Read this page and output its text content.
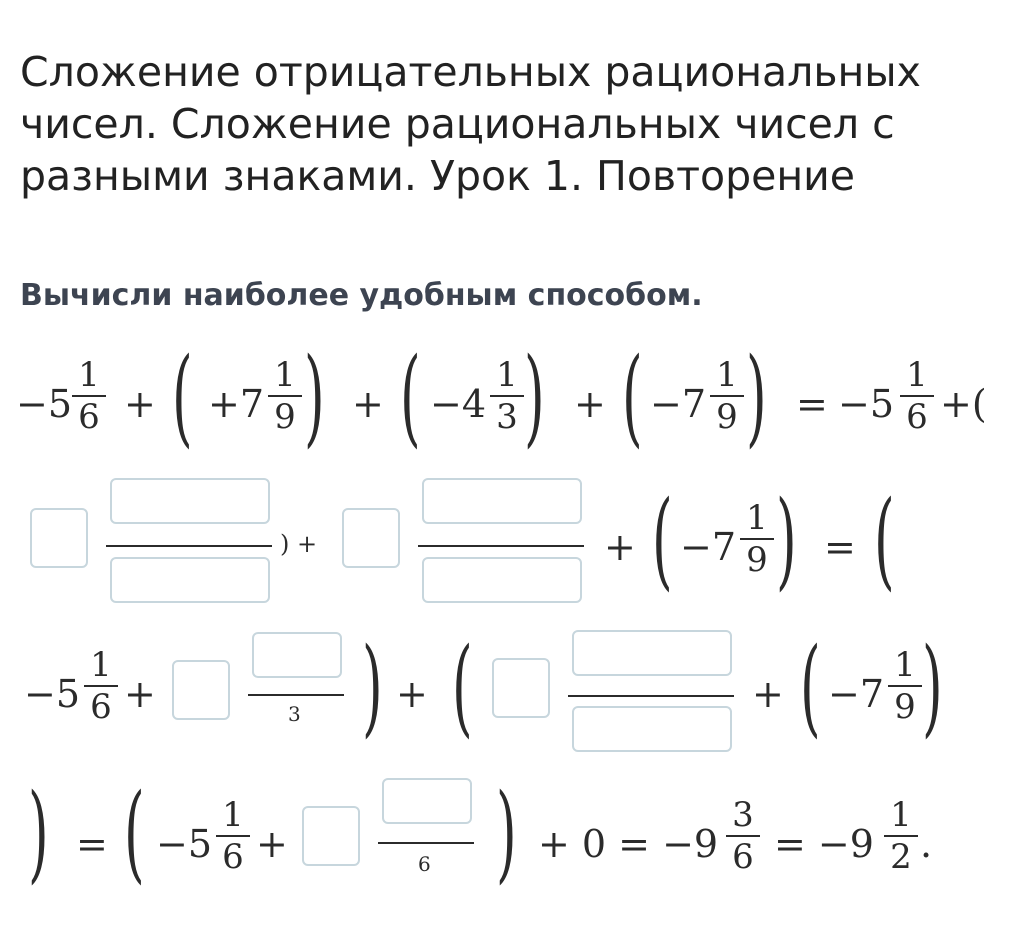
Сложение отрицательных рациональных чисел. Сложение рациональных чисел с разными знаками. Урок 1. Повторение
Вычисли наиболее удобным способом.
−5
1
6 + ( +7
1
9 ) + ( −4
1
3 ) + ( −7
1
9 ) = −5
1
6 +(
) +	+ ( −7
1
9 ) = (
−5
1
6 +	3 ) + (	+ ( −7
1
9 )
) = ( −5
1
6 +	6 ) + 0 = −9
3
6 = −9
1
2 .
